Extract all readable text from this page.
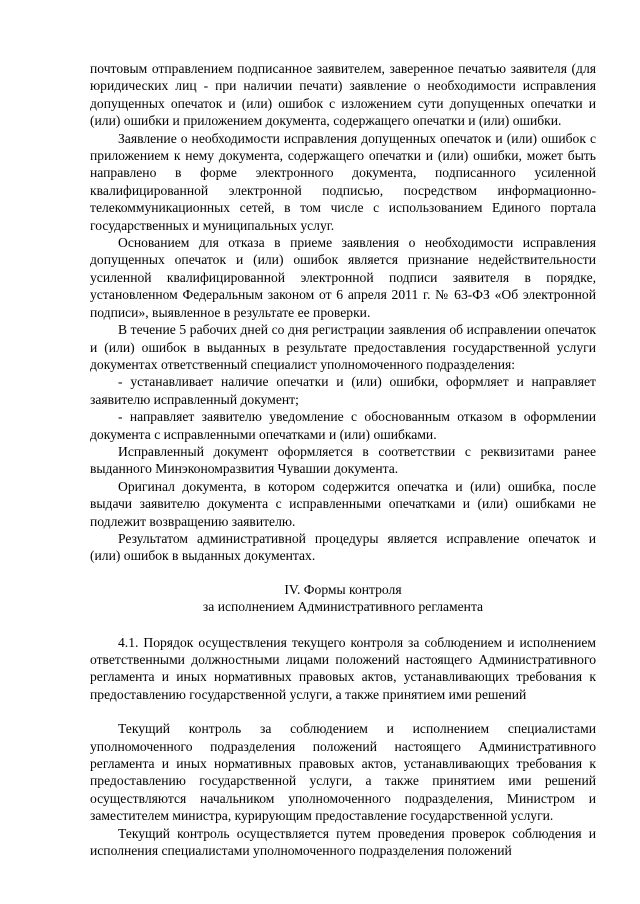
почтовым отправлением подписанное заявителем, заверенное печатью заявителя (для юридических лиц - при наличии печати) заявление о необходимости исправления допущенных опечаток и (или) ошибок с изложением сути допущенных опечатки и (или) ошибки и приложением документа, содержащего опечатки и (или) ошибки.

Заявление о необходимости исправления допущенных опечаток и (или) ошибок с приложением к нему документа, содержащего опечатки и (или) ошибки, может быть направлено в форме электронного документа, подписанного усиленной квалифицированной электронной подписью, посредством информационно-телекоммуникационных сетей, в том числе с использованием Единого портала государственных и муниципальных услуг.

Основанием для отказа в приеме заявления о необходимости исправления допущенных опечаток и (или) ошибок является признание недействительности усиленной квалифицированной электронной подписи заявителя в порядке, установленном Федеральным законом от 6 апреля 2011 г. № 63-ФЗ «Об электронной подписи», выявленное в результате ее проверки.

В течение 5 рабочих дней со дня регистрации заявления об исправлении опечаток и (или) ошибок в выданных в результате предоставления государственной услуги документах ответственный специалист уполномоченного подразделения:

- устанавливает наличие опечатки и (или) ошибки, оформляет и направляет заявителю исправленный документ;

- направляет заявителю уведомление с обоснованным отказом в оформлении документа с исправленными опечатками и (или) ошибками.

Исправленный документ оформляется в соответствии с реквизитами ранее выданного Минэкономразвития Чувашии документа.

Оригинал документа, в котором содержится опечатка и (или) ошибка, после выдачи заявителю документа с исправленными опечатками и (или) ошибками не подлежит возвращению заявителю.

Результатом административной процедуры является исправление опечаток и (или) ошибок в выданных документах.

IV. Формы контроля
за исполнением Административного регламента

4.1. Порядок осуществления текущего контроля за соблюдением и исполнением ответственными должностными лицами положений настоящего Административного регламента и иных нормативных правовых актов, устанавливающих требования к предоставлению государственной услуги, а также принятием ими решений

Текущий контроль за соблюдением и исполнением специалистами уполномоченного подразделения положений настоящего Административного регламента и иных нормативных правовых актов, устанавливающих требования к предоставлению государственной услуги, а также принятием ими решений осуществляются начальником уполномоченного подразделения, Министром и заместителем министра, курирующим предоставление государственной услуги.

Текущий контроль осуществляется путем проведения проверок соблюдения и исполнения специалистами уполномоченного подразделения положений
